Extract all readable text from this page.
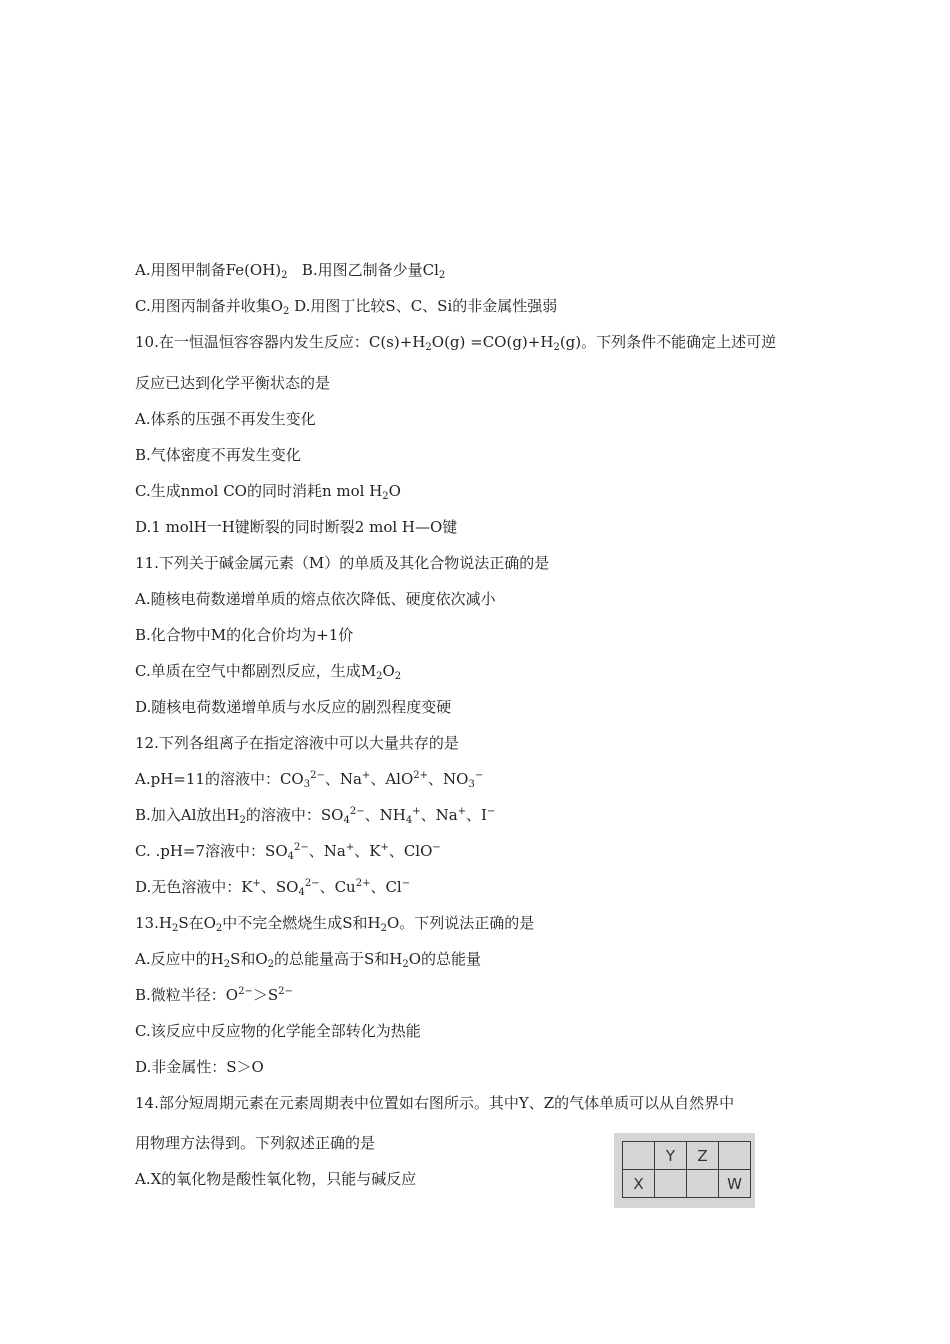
A.用图甲制备$Fe(OH)_2$ B.用图乙制备少量$Cl_2$
C.用图丙制备并收集$O_2$ D.用图丁比较S、C、Si的非金属性强弱
10.在一恒温恒容容器内发生反应：$C(s)+H_2O(g) =CO(g)+H_2(g)$。下列条件不能确定上述可逆
反应已达到化学平衡状态的是
A.体系的压强不再发生变化
B.气体密度不再发生变化
C.生成nmol CO的同时消耗n mol $H_2O$
D.1 molH一H键断裂的同时断裂2 mol H—O键
11.下列关于碱金属元素（M）的单质及其化合物说法正确的是
A.随核电荷数递增单质的熔点依次降低、硬度依次减小
B.化合物中M的化合价均为+1价
C.单质在空气中都剧烈反应，生成$M_2O_2$
D.随核电荷数递增单质与水反应的剧烈程度变硬
12.下列各组离子在指定溶液中可以大量共存的是
A.pH=11的溶液中：$CO_3^{2-}$、Na+、AlO$^{2+}$、$NO_3^-$
B.加入Al放出$H_2$的溶液中：$SO_4^{2-}$、$NH_4^+$、Na+、I−
C. .pH=7溶液中：$SO_4^{2-}$、Na+、K+、ClO−
D.无色溶液中：K+、$SO_4^{2-}$、$Cu^{2+}$、Cl−
$13.H_2S$在$O_2$中不完全燃烧生成S和$H_2O$。下列说法正确的是
A.反应中的$H_2S$和$O_2$的总能量高于S和$H_2O$的总能量
B.微粒半径：$O^{2-}>S^{2-}$
C.该反应中反应物的化学能全部转化为热能
D.非金属性：S＞O
14.部分短周期元素在元素周期表中位置如右图所示。其中Y、Z的气体单质可以从自然界中
用物理方法得到。下列叙述正确的是
A.X的氧化物是酸性氧化物，只能与碱反应
	Y	Z	
X			W
